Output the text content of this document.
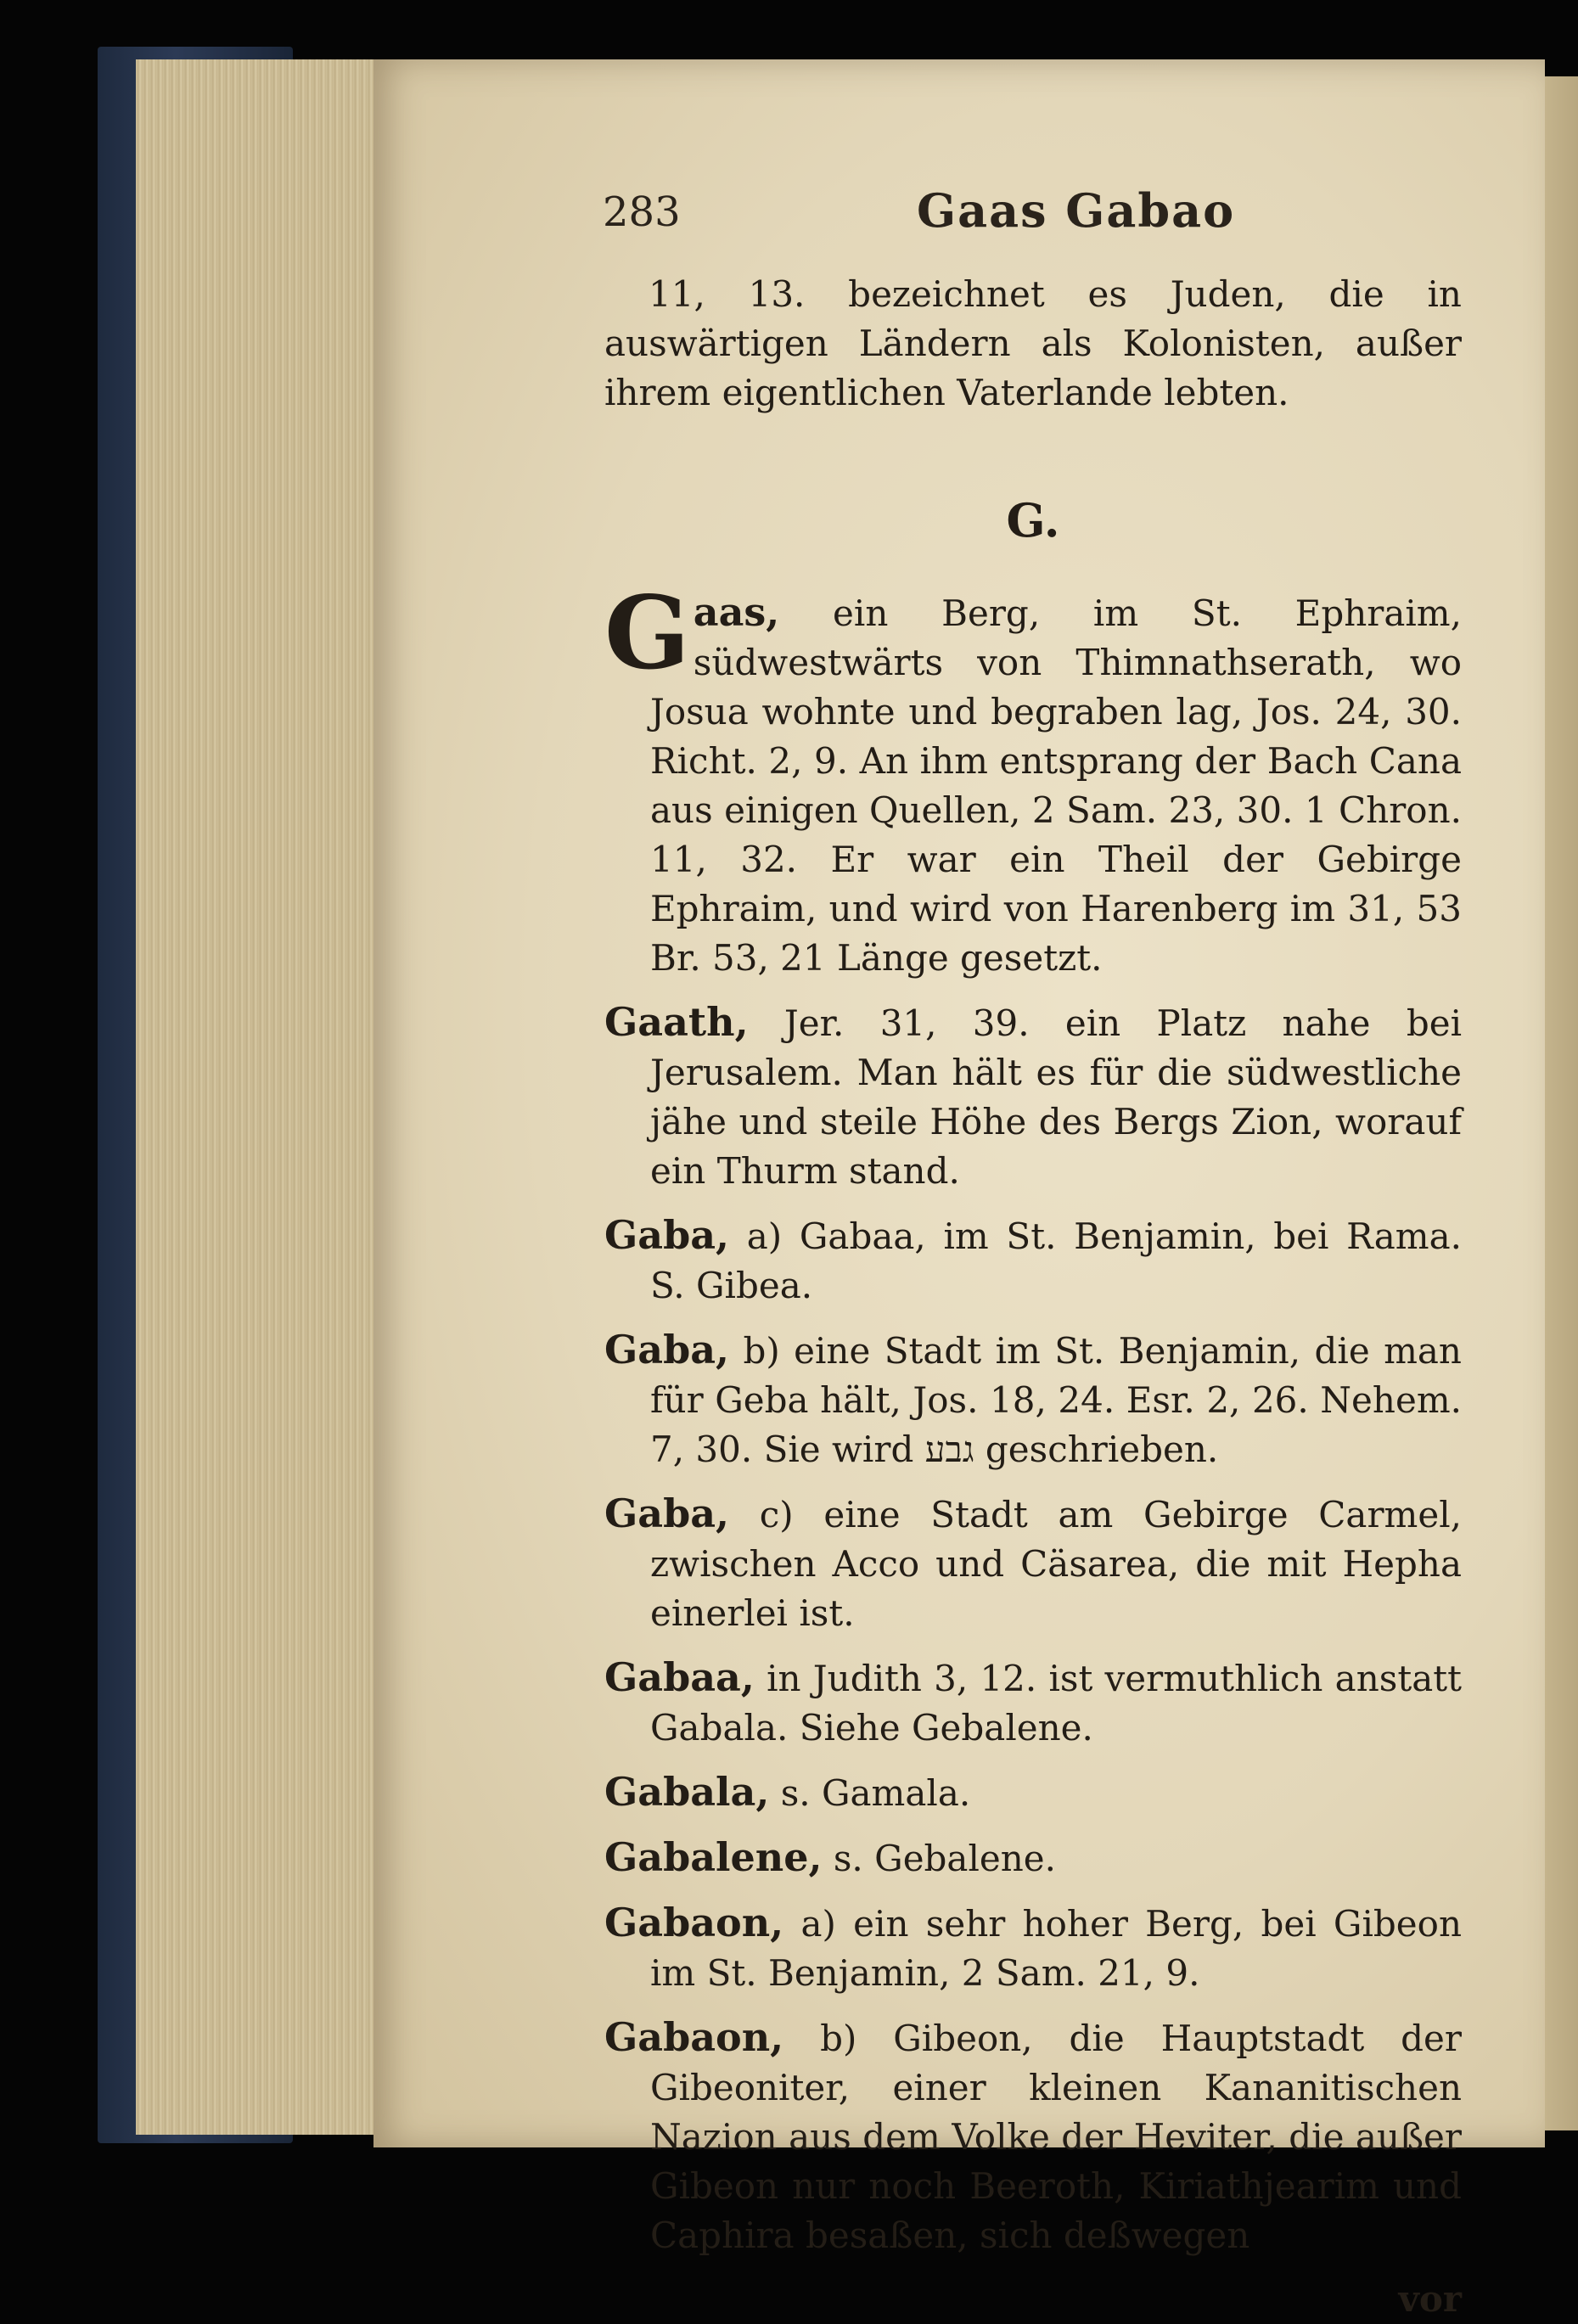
283	Gaas Gabao

11, 13. bezeichnet es Juden, die in auswärtigen Ländern als Kolonisten, außer ihrem eigentlichen Vaterlande lebten.

G.

Gaas, ein Berg, im St. Ephraim, südwestwärts von Thimnathserath, wo Josua wohnte und begraben lag, Jos. 24, 30. Richt. 2, 9. An ihm entsprang der Bach Cana aus einigen Quellen, 2 Sam. 23, 30. 1 Chron. 11, 32. Er war ein Theil der Gebirge Ephraim, und wird von Harenberg im 31, 53 Br. 53, 21 Länge gesetzt.

Gaath, Jer. 31, 39. ein Platz nahe bei Jerusalem. Man hält es für die südwestliche jähe und steile Höhe des Bergs Zion, worauf ein Thurm stand.

Gaba, a) Gabaa, im St. Benjamin, bei Rama. S. Gibea.

Gaba, b) eine Stadt im St. Benjamin, die man für Geba hält, Jos. 18, 24. Esr. 2, 26. Nehem. 7, 30. Sie wird גבע geschrieben.

Gaba, c) eine Stadt am Gebirge Carmel, zwischen Acco und Cäsarea, die mit Hepha einerlei ist.

Gabaa, in Judith 3, 12. ist vermuthlich anstatt Gabala. Siehe Gebalene.

Gabala, s. Gamala.

Gabalene, s. Gebalene.

Gabaon, a) ein sehr hoher Berg, bei Gibeon im St. Benjamin, 2 Sam. 21, 9.

Gabaon, b) Gibeon, die Hauptstadt der Gibeoniter, einer kleinen Kananitischen Nazion aus dem Volke der Heviter, die außer Gibeon nur noch Beeroth, Kiriathjearim und Caphira besaßen, sich deßwegen

vor
